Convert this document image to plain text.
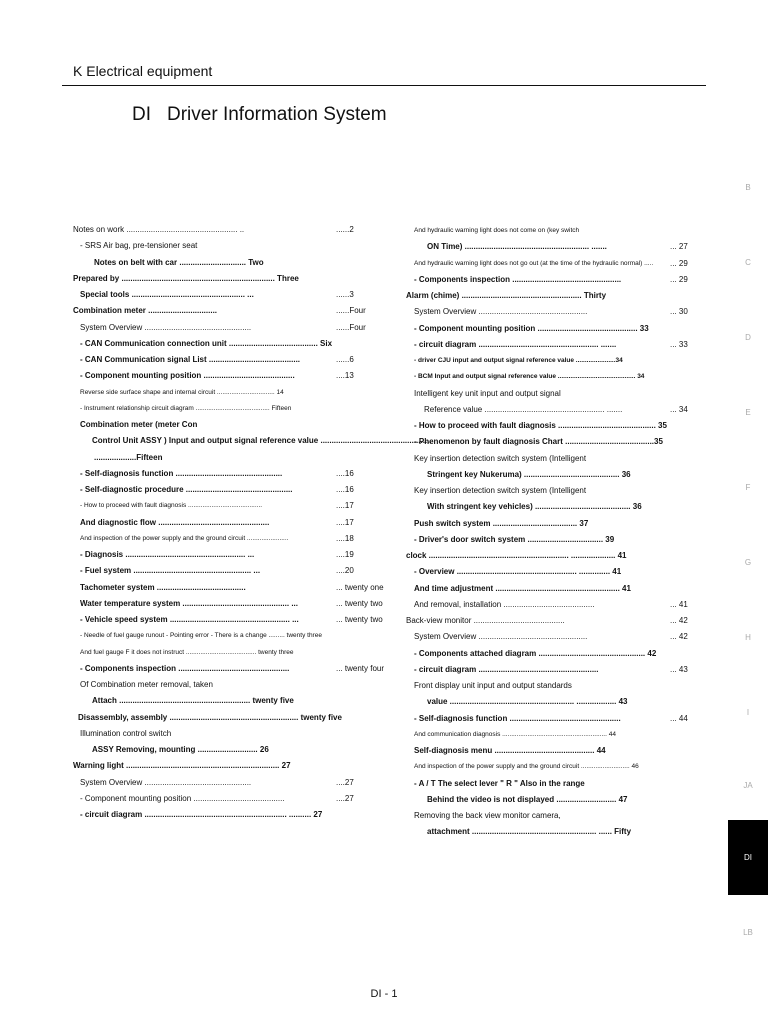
K Electrical equipment
DI Driver Information System
Notes on work .................................................. ..	......2
- SRS Air bag, pre-tensioner seat
Notes on belt with car .............................. Two
Prepared by ..................................................................... Three
Special tools ................................................... ...	......3
Combination meter ...............................	......Four
System Overview ................................................	......Four
- CAN Communication connection unit ........................................ Six
- CAN Communication signal List .........................................	......6
- Component mounting position .........................................	....13
Reverse side surface shape and internal circuit ................................ 14
- Instrument relationship circuit diagram ......................................... Fifteen
Combination meter (meter Con
Control Unit ASSY ) Input and output signal reference value ..................................................
...................Fifteen
- Self-diagnosis function ................................................	....16
- Self-diagnostic procedure ................................................	....16
- How to proceed with fault diagnosis .........................................	....17
And diagnostic flow ..................................................	....17
And inspection of the power supply and the ground circuit .......................	....18
- Diagnosis ...................................................... ...	....19
- Fuel system ..................................................... ...	....20
Tachometer system ........................................	... twenty one
Water temperature system ................................................ ...	... twenty two
- Vehicle speed system ...................................................... ...	... twenty two
- Needle of fuel gauge runout - Pointing error - There is a change ......... twenty three
And fuel gauge F it does not instruct ....................................... twenty three
- Components inspection ..................................................	... twenty four
Of Combination meter removal, taken
Attach ........................................................... twenty five
Disassembly, assembly .......................................................... twenty five
Illumination control switch
ASSY Removing, mounting ........................... 26
Warning light ..................................................................... 27
System Overview ................................................	....27
- Component mounting position .........................................	....27
- circuit diagram ................................................................ .......... 27
And hydraulic warning light does not come on (key switch
ON Time) ........................................................ .......	... 27
And hydraulic warning light does not go out (at the time of the hydraulic normal) ..... ... 29
- Components inspection .................................................	... 29
Alarm (chime) ...................................................... Thirty
System Overview .................................................	... 30
- Component mounting position ............................................. 33
- circuit diagram ...................................................... .......	... 33
- driver CJU input and output signal reference value ......................34
- BCM Input and output signal reference value ........................................... 34
Intelligent key unit input and output signal
Reference value ...................................................... .......	... 34
- How to proceed with fault diagnosis ............................................ 35
- Phenomenon by fault diagnosis Chart ........................................35
Key insertion detection switch system (Intelligent
Stringent key Nukeruma) ........................................... 36
Key insertion detection switch system (Intelligent
With stringent key vehicles) ........................................... 36
Push switch system ...................................... 37
- Driver's door switch system .................................. 39
clock ............................................................... .................... 41
- Overview ...................................................... .............. 41
And time adjustment ........................................................ 41
And removal, installation .........................................	... 41
Back-view monitor .........................................	... 42
System Overview .................................................	... 42
- Components attached diagram ................................................ 42
- circuit diagram ......................................................	... 43
Front display unit input and output standards
value ........................................................ .................. 43
- Self-diagnosis function ..................................................	... 44
And communication diagnosis .......................................................... 44
Self-diagnosis menu ............................................. 44
And inspection of the power supply and the ground circuit ........................... 46
- A / T The select lever " R " Also in the range
Behind the video is not displayed ........................... 47
Removing the back view monitor camera,
attachment ........................................................ ...... Fifty
B
C
D
E
F
G
H
I
JA
DI
LB
DI - 1
